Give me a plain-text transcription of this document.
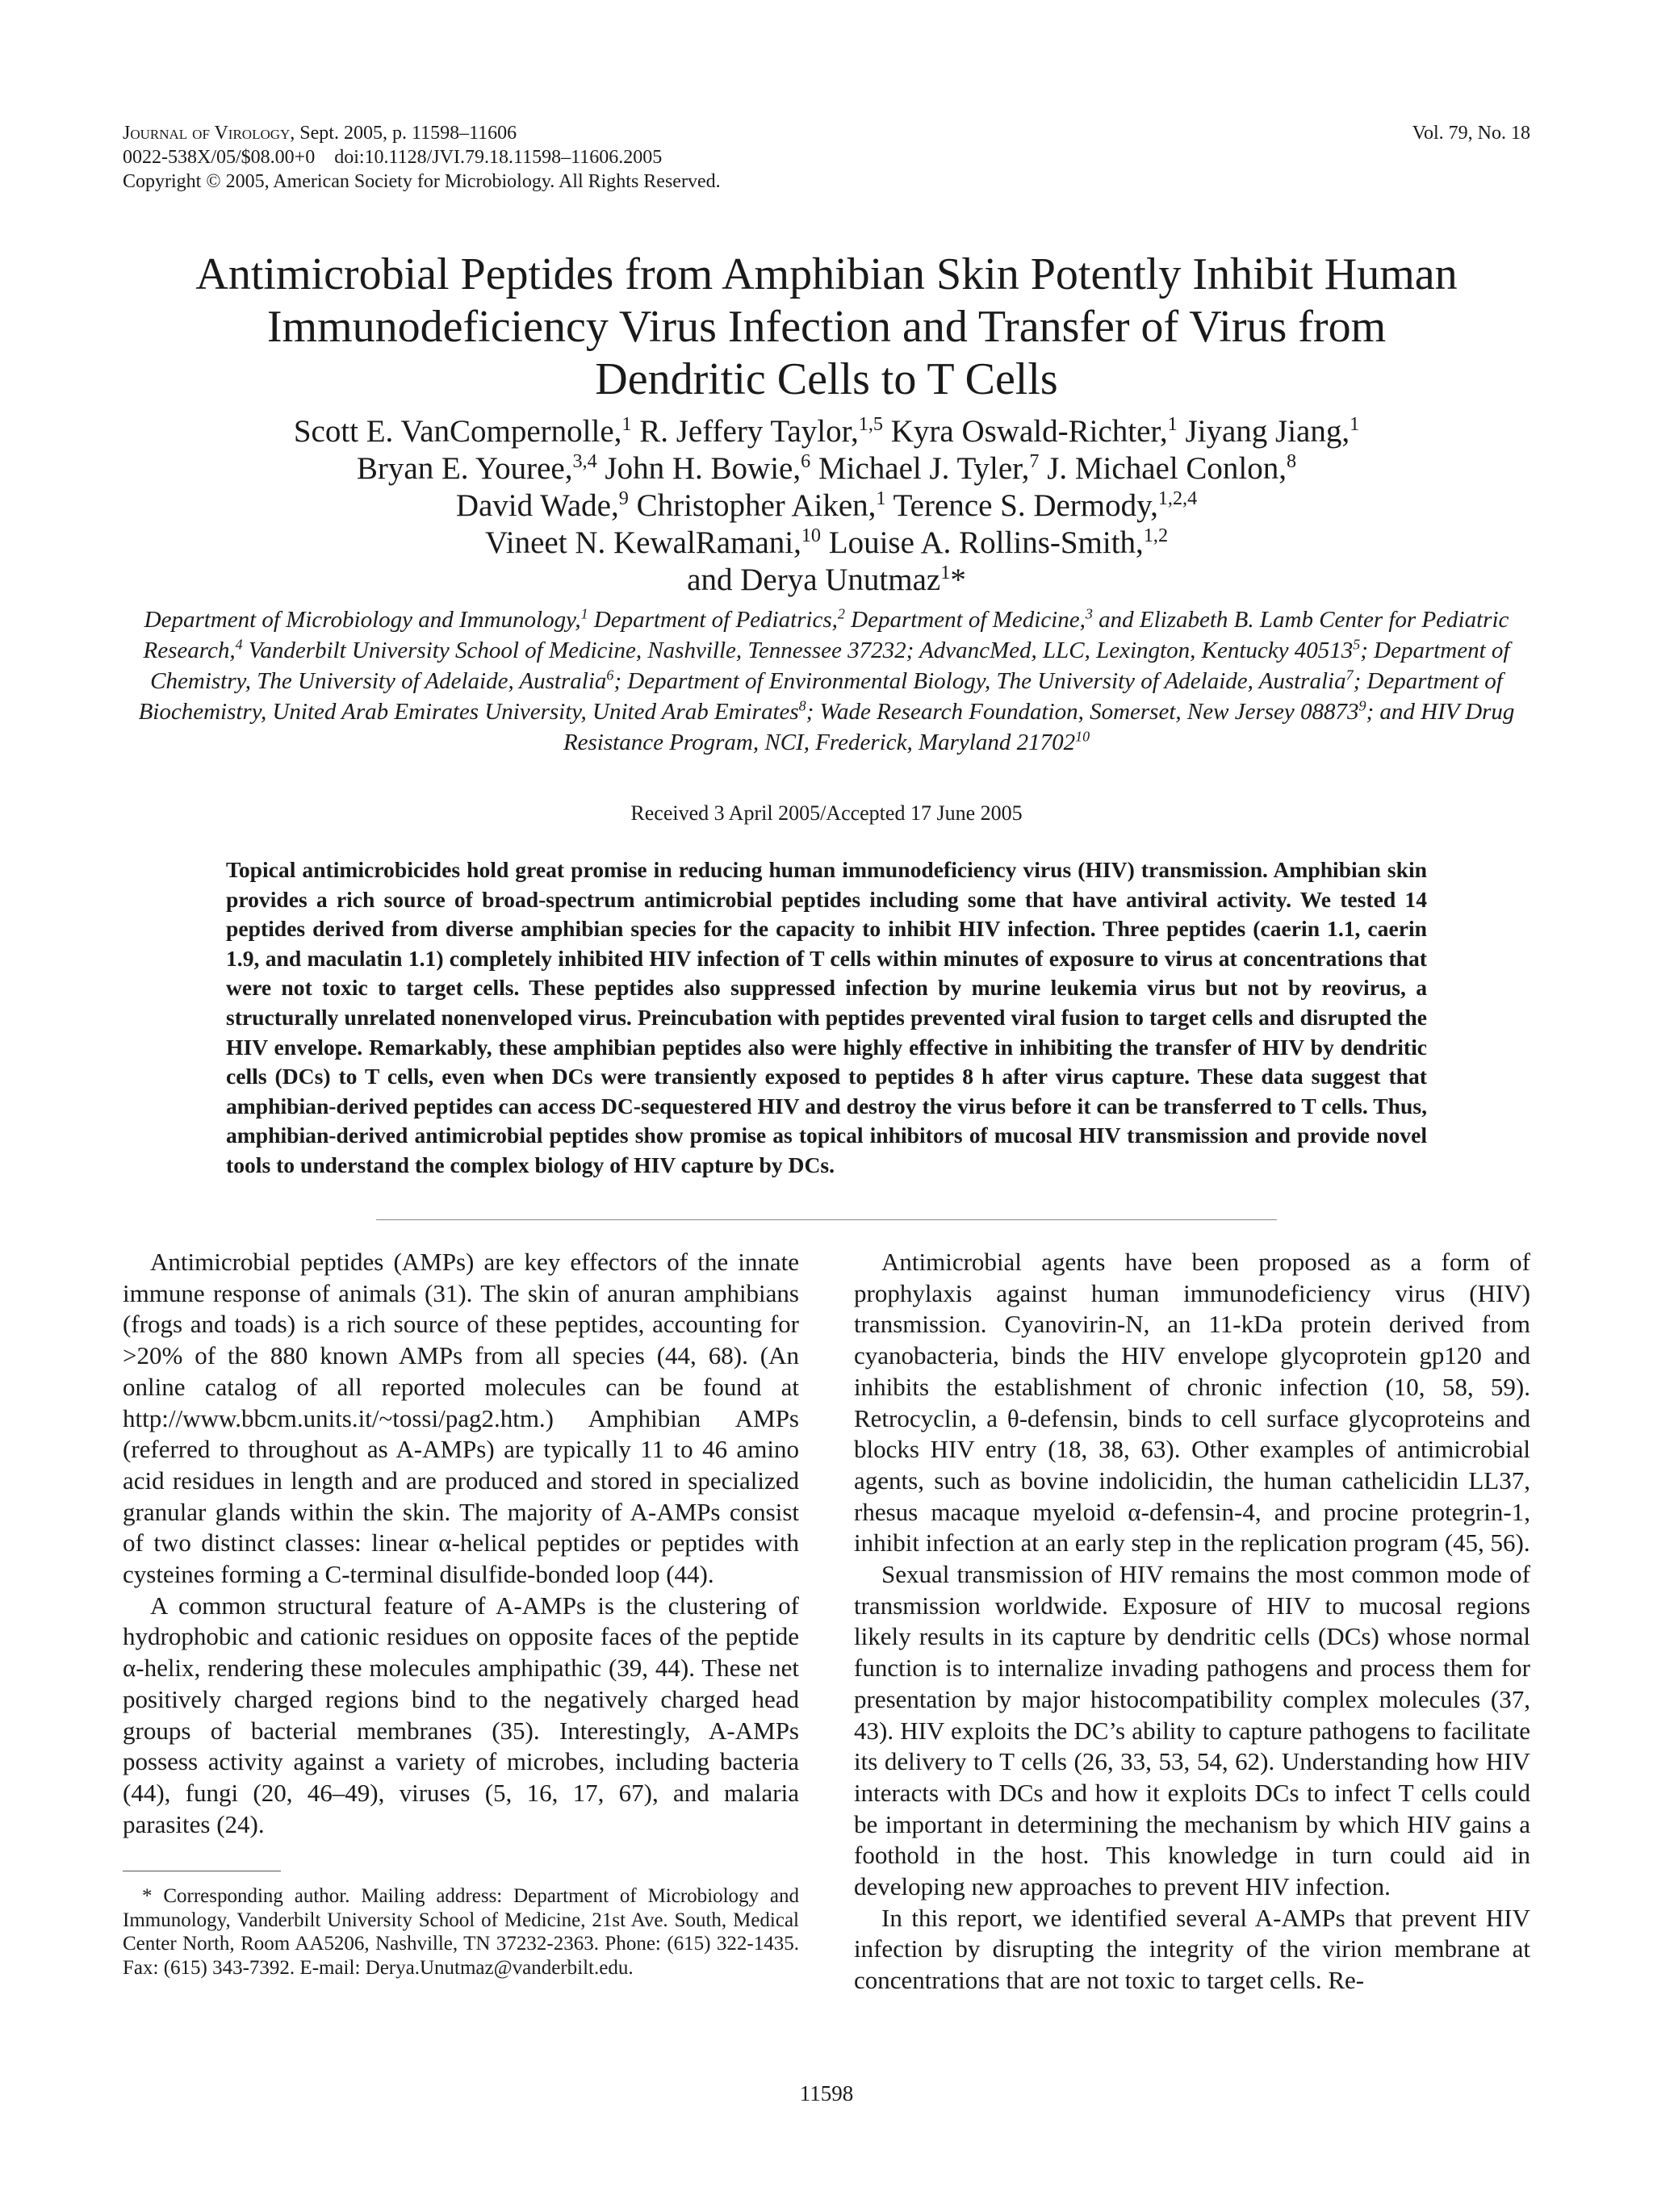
Journal of Virology, Sept. 2005, p. 11598–11606
0022-538X/05/$08.00+0    doi:10.1128/JVI.79.18.11598–11606.2005
Copyright © 2005, American Society for Microbiology. All Rights Reserved.
Vol. 79, No. 18
Antimicrobial Peptides from Amphibian Skin Potently Inhibit Human
Immunodeficiency Virus Infection and Transfer of Virus from
Dendritic Cells to T Cells
Scott E. VanCompernolle,$^1$ R. Jeffery Taylor,$^{1,5}$ Kyra Oswald-Richter,$^1$ Jiyang Jiang,$^1$
Bryan E. Youree,$^{3,4}$ John H. Bowie,$^6$ Michael J. Tyler,$^7$ J. Michael Conlon,$^8$
David Wade,$^9$ Christopher Aiken,$^1$ Terence S. Dermody,$^{1,2,4}$
Vineet N. KewalRamani,$^{10}$ Louise A. Rollins-Smith,$^{1,2}$
and Derya Unutmaz$^1$*
Department of Microbiology and Immunology,$^1$ Department of Pediatrics,$^2$ Department of Medicine,$^3$ and Elizabeth B. Lamb Center for Pediatric Research,$^4$ Vanderbilt University School of Medicine, Nashville, Tennessee 37232; AdvancMed, LLC, Lexington, Kentucky 40513$^5$; Department of Chemistry, The University of Adelaide, Australia$^6$; Department of Environmental Biology, The University of Adelaide, Australia$^7$; Department of Biochemistry, United Arab Emirates University, United Arab Emirates$^8$; Wade Research Foundation, Somerset, New Jersey 08873$^9$; and HIV Drug Resistance Program, NCI, Frederick, Maryland 21702$^{10}$
Received 3 April 2005/Accepted 17 June 2005
Topical antimicrobicides hold great promise in reducing human immunodeficiency virus (HIV) transmission. Amphibian skin provides a rich source of broad-spectrum antimicrobial peptides including some that have antiviral activity. We tested 14 peptides derived from diverse amphibian species for the capacity to inhibit HIV infection. Three peptides (caerin 1.1, caerin 1.9, and maculatin 1.1) completely inhibited HIV infection of T cells within minutes of exposure to virus at concentrations that were not toxic to target cells. These peptides also suppressed infection by murine leukemia virus but not by reovirus, a structurally unrelated nonenveloped virus. Preincubation with peptides prevented viral fusion to target cells and disrupted the HIV envelope. Remarkably, these amphibian peptides also were highly effective in inhibiting the transfer of HIV by dendritic cells (DCs) to T cells, even when DCs were transiently exposed to peptides 8 h after virus capture. These data suggest that amphibian-derived peptides can access DC-sequestered HIV and destroy the virus before it can be transferred to T cells. Thus, amphibian-derived antimicrobial peptides show promise as topical inhibitors of mucosal HIV transmission and provide novel tools to understand the complex biology of HIV capture by DCs.

Antimicrobial peptides (AMPs) are key effectors of the innate immune response of animals (31). The skin of anuran amphibians (frogs and toads) is a rich source of these peptides, accounting for >20% of the 880 known AMPs from all species (44, 68). (An online catalog of all reported molecules can be found at http://www.bbcm.units.it/~tossi/pag2.htm.) Amphibian AMPs (referred to throughout as A-AMPs) are typically 11 to 46 amino acid residues in length and are produced and stored in specialized granular glands within the skin. The majority of A-AMPs consist of two distinct classes: linear α-helical peptides or peptides with cysteines forming a C-terminal disulfide-bonded loop (44).

A common structural feature of A-AMPs is the clustering of hydrophobic and cationic residues on opposite faces of the peptide α-helix, rendering these molecules amphipathic (39, 44). These net positively charged regions bind to the negatively charged head groups of bacterial membranes (35). Interestingly, A-AMPs possess activity against a variety of microbes, including bacteria (44), fungi (20, 46–49), viruses (5, 16, 17, 67), and malaria parasites (24).

* Corresponding author. Mailing address: Department of Microbiology and Immunology, Vanderbilt University School of Medicine, 21st Ave. South, Medical Center North, Room AA5206, Nashville, TN 37232-2363. Phone: (615) 322-1435. Fax: (615) 343-7392. E-mail: Derya.Unutmaz@vanderbilt.edu.

Antimicrobial agents have been proposed as a form of prophylaxis against human immunodeficiency virus (HIV) transmission. Cyanovirin-N, an 11-kDa protein derived from cyanobacteria, binds the HIV envelope glycoprotein gp120 and inhibits the establishment of chronic infection (10, 58, 59). Retrocyclin, a θ-defensin, binds to cell surface glycoproteins and blocks HIV entry (18, 38, 63). Other examples of antimicrobial agents, such as bovine indolicidin, the human cathelicidin LL37, rhesus macaque myeloid α-defensin-4, and procine protegrin-1, inhibit infection at an early step in the replication program (45, 56).

Sexual transmission of HIV remains the most common mode of transmission worldwide. Exposure of HIV to mucosal regions likely results in its capture by dendritic cells (DCs) whose normal function is to internalize invading pathogens and process them for presentation by major histocompatibility complex molecules (37, 43). HIV exploits the DC’s ability to capture pathogens to facilitate its delivery to T cells (26, 33, 53, 54, 62). Understanding how HIV interacts with DCs and how it exploits DCs to infect T cells could be important in determining the mechanism by which HIV gains a foothold in the host. This knowledge in turn could aid in developing new approaches to prevent HIV infection.

In this report, we identified several A-AMPs that prevent HIV infection by disrupting the integrity of the virion membrane at concentrations that are not toxic to target cells. Re-

11598
